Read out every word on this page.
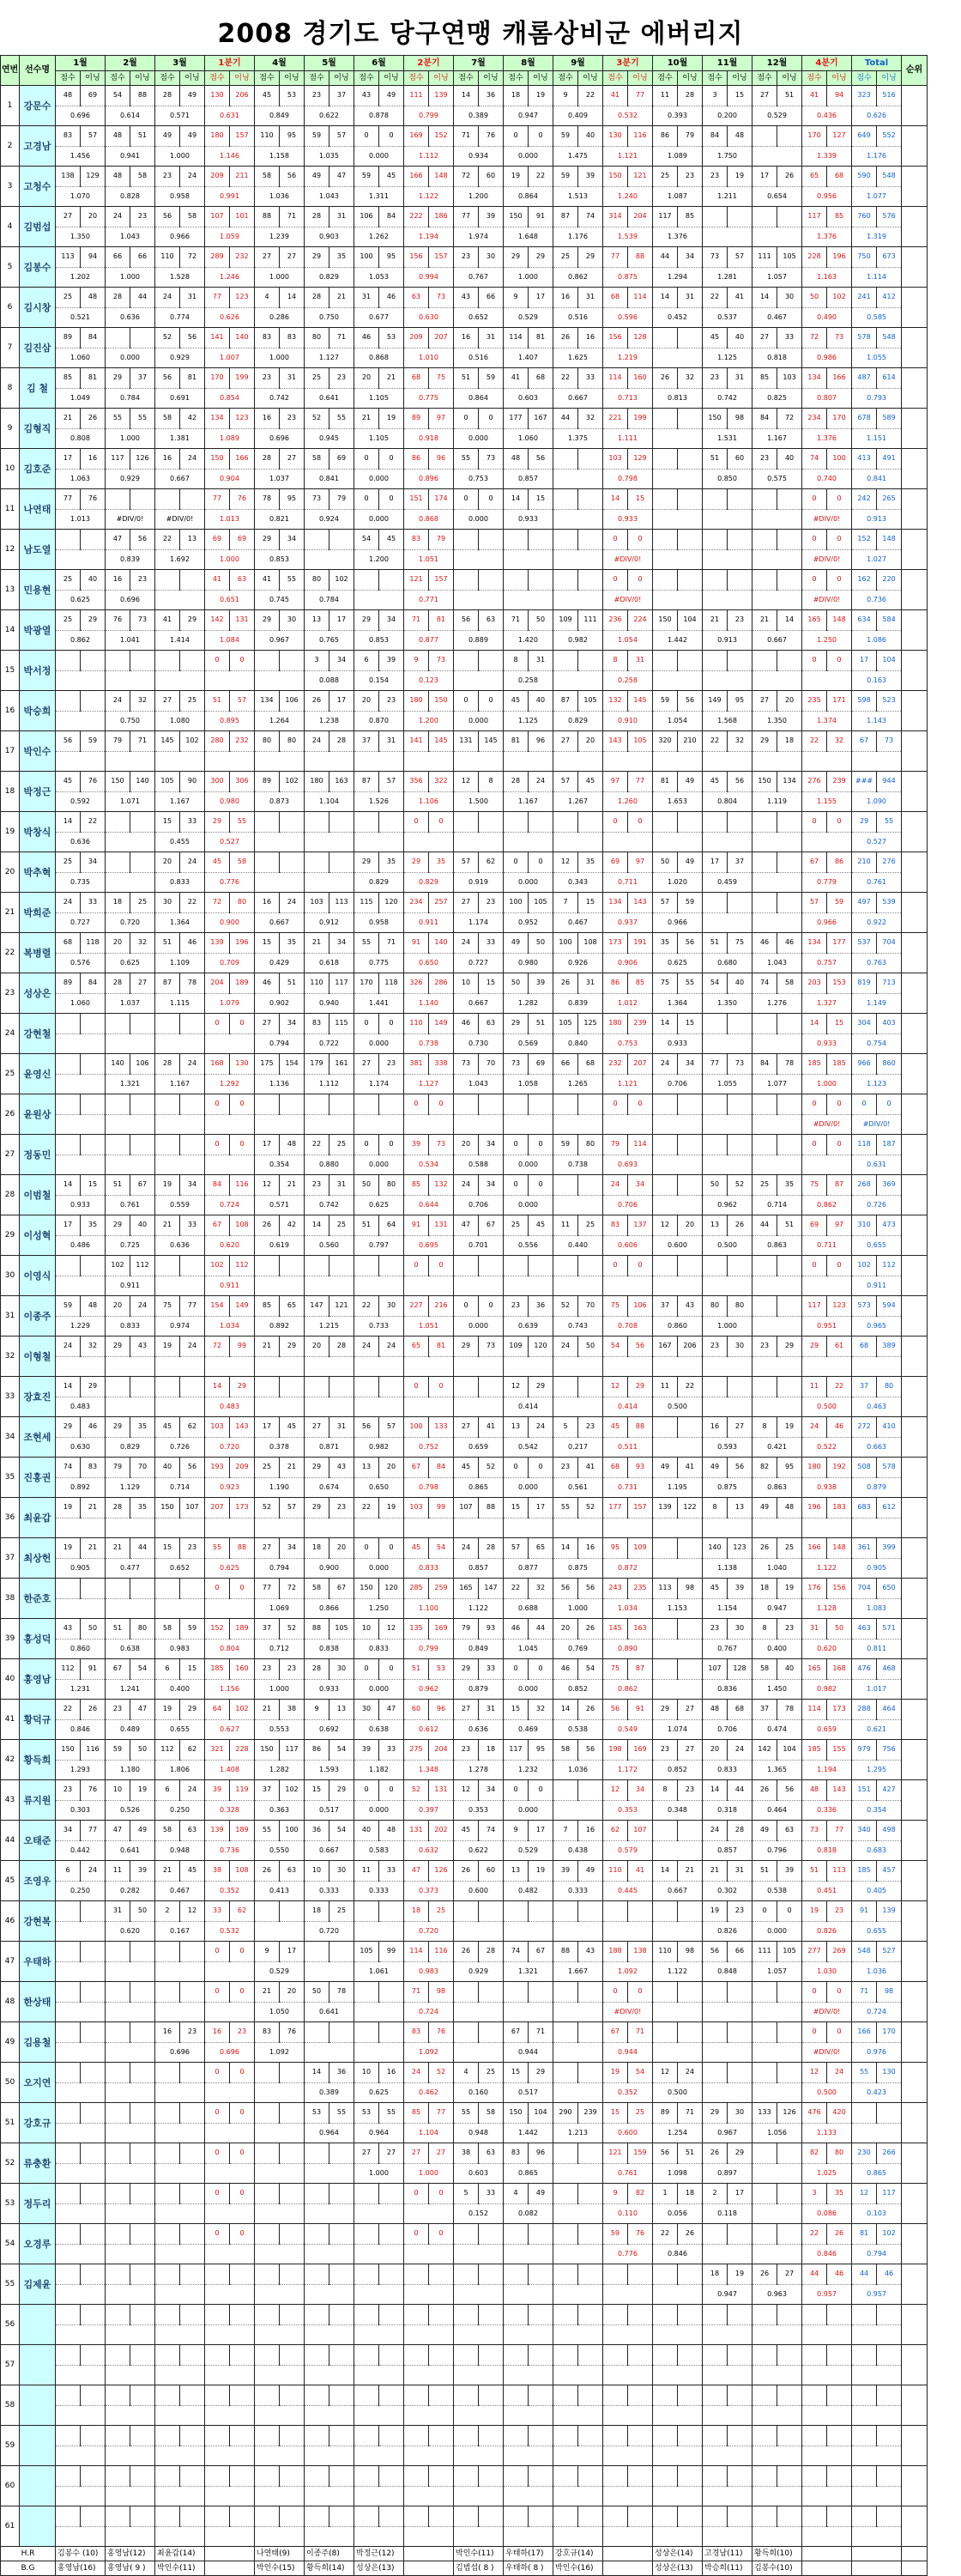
2008 경기도 당구연맹 캐롬상비군 에버리지
연번	선수명	1월		2월		3월		1분기		4월		5월		6월		2분기		7월		8월		9월		3분기		10월		11월		12월		4분기		Total		순위
		점수	이닝	점수	이닝	점수	이닝	점수	이닝	점수	이닝	점수	이닝	점수	이닝	점수	이닝	점수	이닝	점수	이닝	점수	이닝	점수	이닝	점수	이닝	점수	이닝	점수	이닝	점수	이닝	점수	이닝	
1	강문수	48	69	54	88	28	49	130	206	45	53	23	37	43	49	111	139	14	36	18	19	9	22	41	77	11	28	3	15	27	51	41	94	323	516	
		0.696		0.614		0.571		0.631		0.849		0.622		0.878		0.799		0.389		0.947		0.409		0.532		0.393		0.200		0.529		0.436		0.626		
2	고경남	83	57	48	51	49	49	180	157	110	95	59	57	0	0	169	152	71	76	0	0	59	40	130	116	86	79	84	48			170	127	649	552	
		1.456		0.941		1.000		1.146		1.158		1.035		0.000		1.112		0.934		0.000		1.475		1.121		1.089		1.750				1.339		1.176		
3	고청수	138	129	48	58	23	24	209	211	58	56	49	47	59	45	166	148	72	60	19	22	59	39	150	121	25	23	23	19	17	26	65	68	590	548	
		1.070		0.828		0.958		0.991		1.036		1.043		1.311		1.122		1.200		0.864		1.513		1.240		1.087		1.211		0.654		0.956		1.077		
4	김범섭	27	20	24	23	56	58	107	101	88	71	28	31	106	84	222	186	77	39	150	91	87	74	314	204	117	85					117	85	760	576	
		1.350		1.043		0.966		1.059		1.239		0.903		1.262		1.194		1.974		1.648		1.176		1.539		1.376						1.376		1.319		
5	김봉수	113	94	66	66	110	72	289	232	27	27	29	35	100	95	156	157	23	30	29	29	25	29	77	88	44	34	73	57	111	105	228	196	750	673	
		1.202		1.000		1.528		1.246		1.000		0.829		1.053		0.994		0.767		1.000		0.862		0.875		1.294		1.281		1.057		1.163		1.114		
6	김시창	25	48	28	44	24	31	77	123	4	14	28	21	31	46	63	73	43	66	9	17	16	31	68	114	14	31	22	41	14	30	50	102	241	412	
		0.521		0.636		0.774		0.626		0.286		0.750		0.677		0.630		0.652		0.529		0.516		0.596		0.452		0.537		0.467		0.490		0.585		
7	김진삼	89	84			52	56	141	140	83	83	80	71	46	53	209	207	16	31	114	81	26	16	156	128			45	40	27	33	72	73	578	548	
		1.060		0.000		0.929		1.007		1.000		1.127		0.868		1.010		0.516		1.407		1.625		1.219				1.125		0.818		0.986		1.055		
8	김 철	85	81	29	37	56	81	170	199	23	31	25	23	20	21	68	75	51	59	41	68	22	33	114	160	26	32	23	31	85	103	134	166	487	614	
		1.049		0.784		0.691		0.854		0.742		0.641		1.105		0.775		0.864		0.603		0.667		0.713		0.813		0.742		0.825		0.807		0.793		
9	김형직	21	26	55	55	58	42	134	123	16	23	52	55	21	19	89	97	0	0	177	167	44	32	221	199			150	98	84	72	234	170	678	589	
		0.808		1.000		1.381		1.089		0.696		0.945		1.105		0.918		0.000		1.060		1.375		1.111				1.531		1.167		1.376		1.151		
10	김호준	17	16	117	126	16	24	150	166	28	27	58	69	0	0	86	96	55	73	48	56			103	129			51	60	23	40	74	100	413	491	
		1.063		0.929		0.667		0.904		1.037		0.841		0.000		0.896		0.753		0.857				0.798				0.850		0.575		0.740		0.841		
11	나연태	77	76					77	76	78	95	73	79	0	0	151	174	0	0	14	15			14	15							0	0	242	265	
		1.013		#DIV/0!		#DIV/0!		1.013		0.821		0.924		0.000		0.868		0.000		0.933				0.933								#DIV/0!		0.913		
12	남도열			47	56	22	13	69	69	29	34			54	45	83	79							0	0							0	0	152	148	
				0.839		1.692		1.000		0.853				1.200		1.051								#DIV/0!								#DIV/0!		1.027		
13	민용현	25	40	16	23			41	63	41	55	80	102			121	157							0	0							0	0	162	220	
		0.625		0.696				0.651		0.745		0.784				0.771								#DIV/0!								#DIV/0!		0.736		
14	박광열	25	29	76	73	41	29	142	131	29	30	13	17	29	34	71	81	56	63	71	50	109	111	236	224	150	104	21	23	21	14	165	148	634	584	
		0.862		1.041		1.414		1.084		0.967		0.765		0.853		0.877		0.889		1.420		0.982		1.054		1.442		0.913		0.667		1.250		1.086		
15	박서정							0	0			3	34	6	39	9	73			8	31			8	31							0	0	17	104	
												0.088		0.154		0.123				0.258				0.258										0.163		
16	박승희			24	32	27	25	51	57	134	106	26	17	20	23	180	150	0	0	45	40	87	105	132	145	59	56	149	95	27	20	235	171	598	523	
				0.750		1.080		0.895		1.264		1.238		0.870		1.200		0.000		1.125		0.829		0.910		1.054		1.568		1.350		1.374		1.143		
17	박인수	56	59	79	71	145	102	280	232	80	80	24	28	37	31	141	145	131	145	81	96	27	20	143	105	320	210	22	32	29	18	22	32	67	73	

18	박정근	45	76	150	140	105	90	300	306	89	102	180	163	87	57	356	322	12	8	28	24	57	45	97	77	81	49	45	56	150	134	276	239	###	944	
		0.592		1.071		1.167		0.980		0.873		1.104		1.526		1.106		1.500		1.167		1.267		1.260		1.653		0.804		1.119		1.155		1.090		
19	박창식	14	22			15	33	29	55							0	0							0	0							0	0	29	55	
		0.636				0.455		0.527																										0.527		
20	박추혁	25	34			20	24	45	58					29	35	29	35	57	62	0	0	12	35	69	97	50	49	17	37			67	86	210	276	
		0.735				0.833		0.776						0.829		0.829		0.919		0.000		0.343		0.711		1.020		0.459				0.779		0.761		
21	박희준	24	33	18	25	30	22	72	80	16	24	103	113	115	120	234	257	27	23	100	105	7	15	134	143	57	59					57	59	497	539	
		0.727		0.720		1.364		0.900		0.667		0.912		0.958		0.911		1.174		0.952		0.467		0.937		0.966						0.966		0.922		
22	복병렬	68	118	20	32	51	46	139	196	15	35	21	34	55	71	91	140	24	33	49	50	100	108	173	191	35	56	51	75	46	46	134	177	537	704	
		0.576		0.625		1.109		0.709		0.429		0.618		0.775		0.650		0.727		0.980		0.926		0.906		0.625		0.680		1.043		0.757		0.763		
23	성상은	89	84	28	27	87	78	204	189	46	51	110	117	170	118	326	286	10	15	50	39	26	31	86	85	75	55	54	40	74	58	203	153	819	713	
		1.060		1.037		1.115		1.079		0.902		0.940		1.441		1.140		0.667		1.282		0.839		1.012		1.364		1.350		1.276		1.327		1.149		
24	강현철							0	0	27	34	83	115	0	0	110	149	46	63	29	51	105	125	180	239	14	15					14	15	304	403	
										0.794		0.722		0.000		0.738		0.730		0.569		0.840		0.753		0.933						0.933		0.754		
25	윤영신			140	106	28	24	168	130	175	154	179	161	27	23	381	338	73	70	73	69	66	68	232	207	24	34	77	73	84	78	185	185	966	860	
				1.321		1.167		1.292		1.136		1.112		1.174		1.127		1.043		1.058		1.265		1.121		0.706		1.055		1.077		1.000		1.123		
26	윤원상							0	0							0	0							0	0							0	0	0	0	
																																#DIV/0!		#DIV/0!		
27	정동민							0	0	17	48	22	25	0	0	39	73	20	34	0	0	59	80	79	114							0	0	118	187	
										0.354		0.880		0.000		0.534		0.588		0.000		0.738		0.693										0.631		
28	이범철	14	15	51	67	19	34	84	116	12	21	23	31	50	80	85	132	24	34	0	0			24	34			50	52	25	35	75	87	268	369	
		0.933		0.761		0.559		0.724		0.571		0.742		0.625		0.644		0.706		0.000				0.706				0.962		0.714		0.862		0.726		
29	이성혁	17	35	29	40	21	33	67	108	26	42	14	25	51	64	91	131	47	67	25	45	11	25	83	137	12	20	13	26	44	51	69	97	310	473	
		0.486		0.725		0.636		0.620		0.619		0.560		0.797		0.695		0.701		0.556		0.440		0.606		0.600		0.500		0.863		0.711		0.655		
30	이영식			102	112			102	112							0	0							0	0							0	0	102	112	
				0.911				0.911																										0.911		
31	이종주	59	48	20	24	75	77	154	149	85	65	147	121	22	30	227	216	0	0	23	36	52	70	75	106	37	43	80	80			117	123	573	594	
		1.229		0.833		0.974		1.034		0.892		1.215		0.733		1.051		0.000		0.639		0.743		0.708		0.860		1.000				0.951		0.965		
32	이형철	24	32	29	43	19	24	72	99	21	29	20	28	24	24	65	81	29	73	109	120	24	50	54	56	167	206	23	30	23	29	29	61	68	389	

33	장효진	14	29					14	29							0	0			12	29			12	29	11	22					11	22	37	80	
		0.483						0.483												0.414				0.414		0.500						0.500		0.463		
34	조현세	29	46	29	35	45	62	103	143	17	45	27	31	56	57	100	133	27	41	13	24	5	23	45	88			16	27	8	19	24	46	272	410	
		0.630		0.829		0.726		0.720		0.378		0.871		0.982		0.752		0.659		0.542		0.217		0.511				0.593		0.421		0.522		0.663		
35	진홍권	74	83	79	70	40	56	193	209	25	21	29	43	13	20	67	84	45	52	0	0	23	41	68	93	49	41	49	56	82	95	180	192	508	578	
		0.892		1.129		0.714		0.923		1.190		0.674		0.650		0.798		0.865		0.000		0.561		0.731		1.195		0.875		0.863		0.938		0.879		
36	최윤갑	19	21	28	35	150	107	207	173	52	57	29	23	22	19	103	99	107	88	15	17	55	52	177	157	139	122	8	13	49	48	196	183	683	612	

37	최상헌	19	21	21	44	15	23	55	88	27	34	18	20	0	0	45	54	24	28	57	65	14	16	95	109			140	123	26	25	166	148	361	399	
		0.905		0.477		0.652		0.625		0.794		0.900		0.000		0.833		0.857		0.877		0.875		0.872				1.138		1.040		1.122		0.905		
38	한준호							0	0	77	72	58	67	150	120	285	259	165	147	22	32	56	56	243	235	113	98	45	39	18	19	176	156	704	650	
										1.069		0.866		1.250		1.100		1.122		0.688		1.000		1.034		1.153		1.154		0.947		1.128		1.083		
39	홍성덕	43	50	51	80	58	59	152	189	37	52	88	105	10	12	135	169	79	93	46	44	20	26	145	163			23	30	8	23	31	50	463	571	
		0.860		0.638		0.983		0.804		0.712		0.838		0.833		0.799		0.849		1.045		0.769		0.890				0.767		0.400		0.620		0.811		
40	홍영남	112	91	67	54	6	15	185	160	23	23	28	30	0	0	51	53	29	33	0	0	46	54	75	87			107	128	58	40	165	168	476	468	
		1.231		1.241		0.400		1.156		1.000		0.933		0.000		0.962		0.879		0.000		0.852		0.862				0.836		1.450		0.982		1.017		
41	황덕규	22	26	23	47	19	29	64	102	21	38	9	13	30	47	60	96	27	31	15	32	14	26	56	91	29	27	48	68	37	78	114	173	288	464	
		0.846		0.489		0.655		0.627		0.553		0.692		0.638		0.612		0.636		0.469		0.538		0.549		1.074		0.706		0.474		0.659		0.621		
42	황득희	150	116	59	50	112	62	321	228	150	117	86	54	39	33	275	204	23	18	117	95	58	56	198	169	23	27	20	24	142	104	185	155	979	756	
		1.293		1.180		1.806		1.408		1.282		1.593		1.182		1.348		1.278		1.232		1.036		1.172		0.852		0.833		1.365		1.194		1.295		
43	류지원	23	76	10	19	6	24	39	119	37	102	15	29	0	0	52	131	12	34	0	0			12	34	8	23	14	44	26	56	48	143	151	427	
		0.303		0.526		0.250		0.328		0.363		0.517		0.000		0.397		0.353		0.000				0.353		0.348		0.318		0.464		0.336		0.354		
44	오태준	34	77	47	49	58	63	139	189	55	100	36	54	40	48	131	202	45	74	9	17	7	16	62	107			24	28	49	63	73	77	340	498	
		0.442		0.641		0.948		0.736		0.550		0.667		0.583		0.632		0.622		0.529		0.438		0.579				0.857		0.796		0.818		0.683		
45	조영우	6	24	11	39	21	45	38	108	26	63	10	30	11	33	47	126	26	60	13	19	39	49	110	41	14	21	21	31	51	39	51	113	185	457	
		0.250		0.282		0.467		0.352		0.413		0.333		0.333		0.373		0.600		0.482		0.333		0.445		0.667		0.302		0.538		0.451		0.405		
46	강현복			31	50	2	12	33	62			18	25			18	25											19	23	0	0	19	23	91	139	
				0.620		0.167		0.532				0.720				0.720												0.826		0.000		0.826		0.655		
47	우태하							0	0	9	17			105	99	114	116	26	28	74	67	88	43	188	138	110	98	56	66	111	105	277	269	548	527	
										0.529				1.061		0.983		0.929		1.321		1.667		1.092		1.122		0.848		1.057		1.030		1.036		
48	한상태							0	0	21	20	50	78			71	98							0	0							0	0	71	98	
										1.050		0.641				0.724								#DIV/0!								#DIV/0!		0.724		
49	김용철					16	23	16	23	83	76					83	76			67	71			67	71							0	0	166	170	
						0.696		0.696		1.092						1.092				0.944				0.944								#DIV/0!		0.976		
50	오지연							0	0			14	36	10	16	24	52	4	25	15	29			19	54	12	24					12	24	55	130	
												0.389		0.625		0.462		0.160		0.517				0.352		0.500						0.500		0.423		
51	강호규							0	0			53	55	53	55	85	77	55	58	150	104	290	239	15	25	89	71	29	30	133	126	476	420			
												0.964		0.964		1.104		0.948		1.442		1.213		0.600		1.254		0.967		1.056		1.133				
52	류충환							0	0					27	27	27	27	38	63	83	96			121	159	56	51	26	29			82	80	230	266	
														1.000		1.000		0.603		0.865				0.761		1.098		0.897				1.025		0.865		
53	정두리							0	0							0	0	5	33	4	49			9	82	1	18	2	17			3	35	12	117	
																		0.152		0.082				0.110		0.056		0.118				0.086		0.103		
54	오경루							0	0							0	0							59	76	22	26					22	26	81	102	
																								0.776		0.846						0.846		0.794		
55	김제윤																											18	19	26	27	44	46	44	46	
																												0.947		0.963		0.957		0.957		
56																																				

57																																				

58																																				

59																																				

60																																				

61																																				

H.R		김봉수 (10)		홍영남(12)		최윤갑(14)				나연태(9)		이종주(8)		박정근(12)				박인수(11)		우태하(17)		강호규(14)				성상은(14)		고경남(11)		황득희(10)						
B.G		홍영남(16)		홍영남( 9 )		박인수(11)				박인수(15)		황득희(14)		성상은(13)				김범섭( 8 )		우태하( 8 )		박인수(16)				성상은(13)		박승희(11)		김봉수(10)						
